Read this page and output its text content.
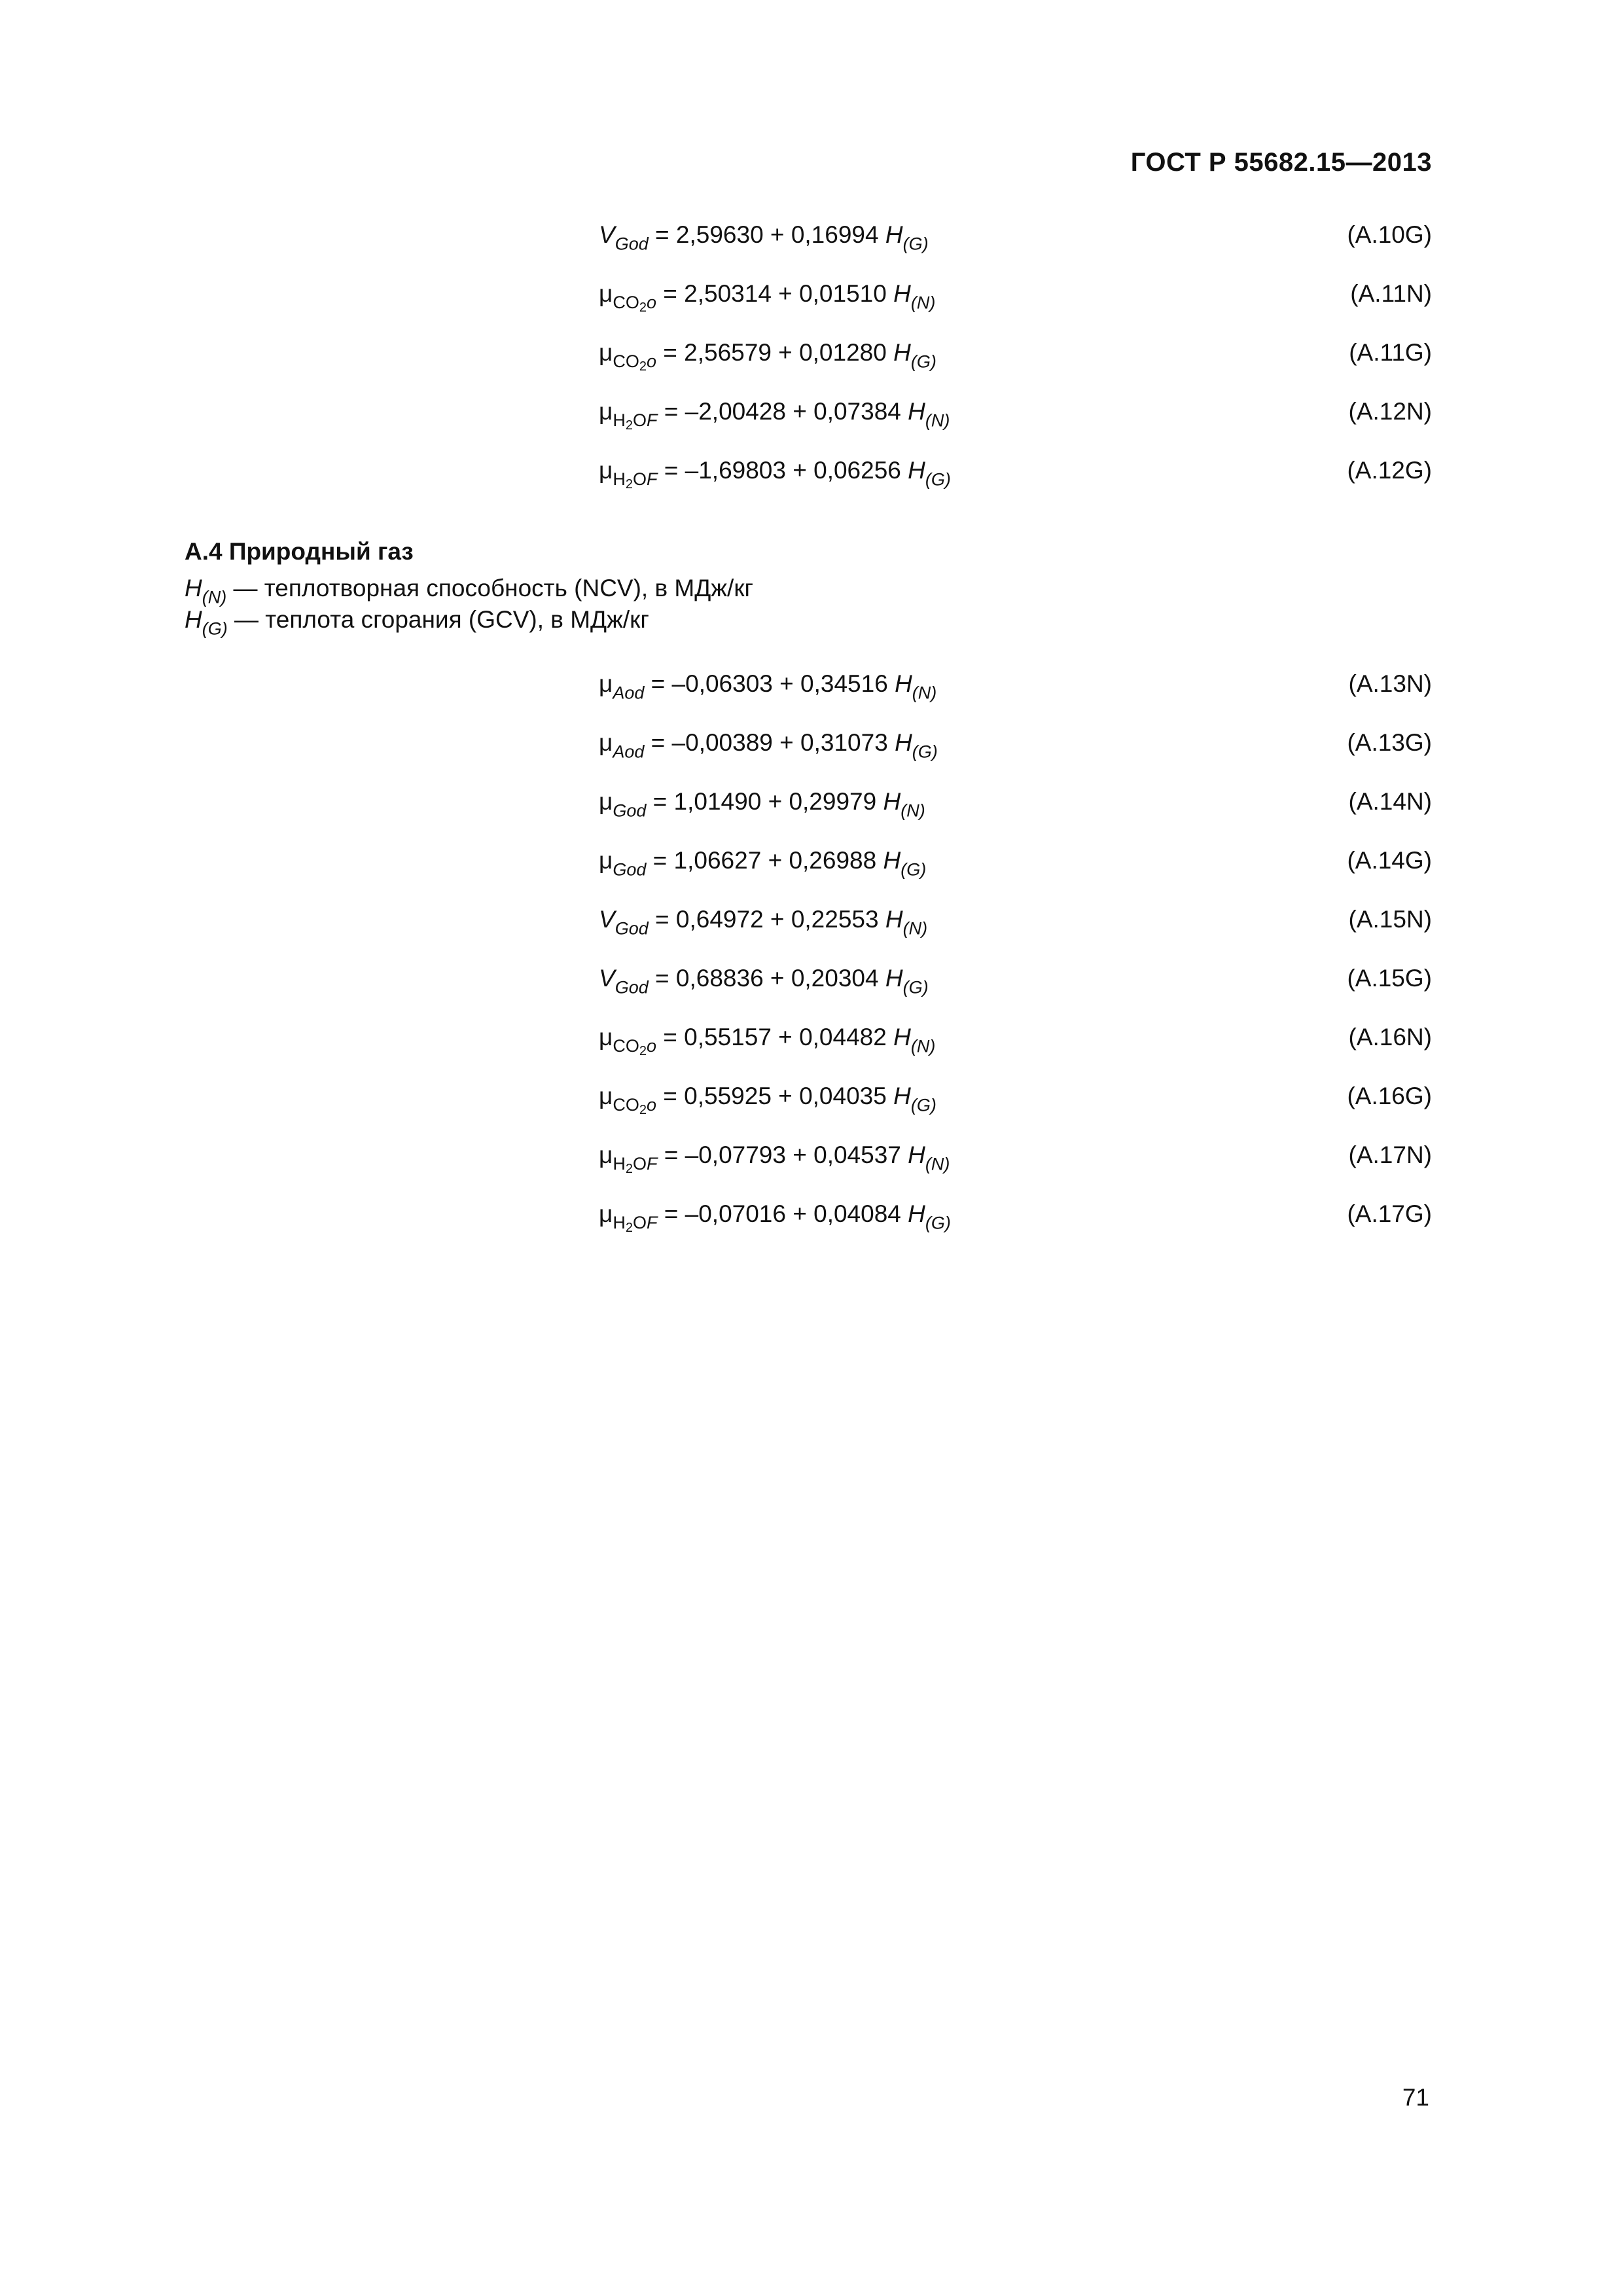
ГОСТ Р 55682.15—2013
$V_{God} = 2,59630 + 0,16994$ $H_{(G)}$	(А.10G)
$\mu_{CO_2o} = 2,50314 + 0,01510$ $H_{(N)}$	(А.11N)
$\mu_{CO_2o} = 2,56579 + 0,01280$ $H_{(G)}$	(А.11G)
$\mu_{H_2OF} = -2,00428 + 0,07384$ $H_{(N)}$	(А.12N)
$\mu_{H_2OF} = -1,69803 + 0,06256$ $H_{(G)}$	(А.12G)
А.4 Природный газ
$H_{(N)}$ — теплотворная способность (NCV), в МДж/кг
$H_{(G)}$ — теплота сгорания (GCV), в МДж/кг
$\mu_{Aod} = -0,06303 + 0,34516$ $H_{(N)}$	(А.13N)
$\mu_{Aod} = -0,00389 + 0,31073$ $H_{(G)}$	(А.13G)
$\mu_{God} = 1,01490 + 0,29979$ $H_{(N)}$	(А.14N)
$\mu_{God} = 1,06627 + 0,26988$ $H_{(G)}$	(А.14G)
$V_{God} = 0,64972 + 0,22553$ $H_{(N)}$	(А.15N)
$V_{God} = 0,68836 + 0,20304$ $H_{(G)}$	(А.15G)
$\mu_{CO_2o} = 0,55157 + 0,04482$ $H_{(N)}$	(А.16N)
$\mu_{CO_2o} = 0,55925 + 0,04035$ $H_{(G)}$	(А.16G)
$\mu_{H_2OF} = -0,07793 + 0,04537$ $H_{(N)}$	(А.17N)
$\mu_{H_2OF} = -0,07016 + 0,04084$ $H_{(G)}$	(А.17G)
71
